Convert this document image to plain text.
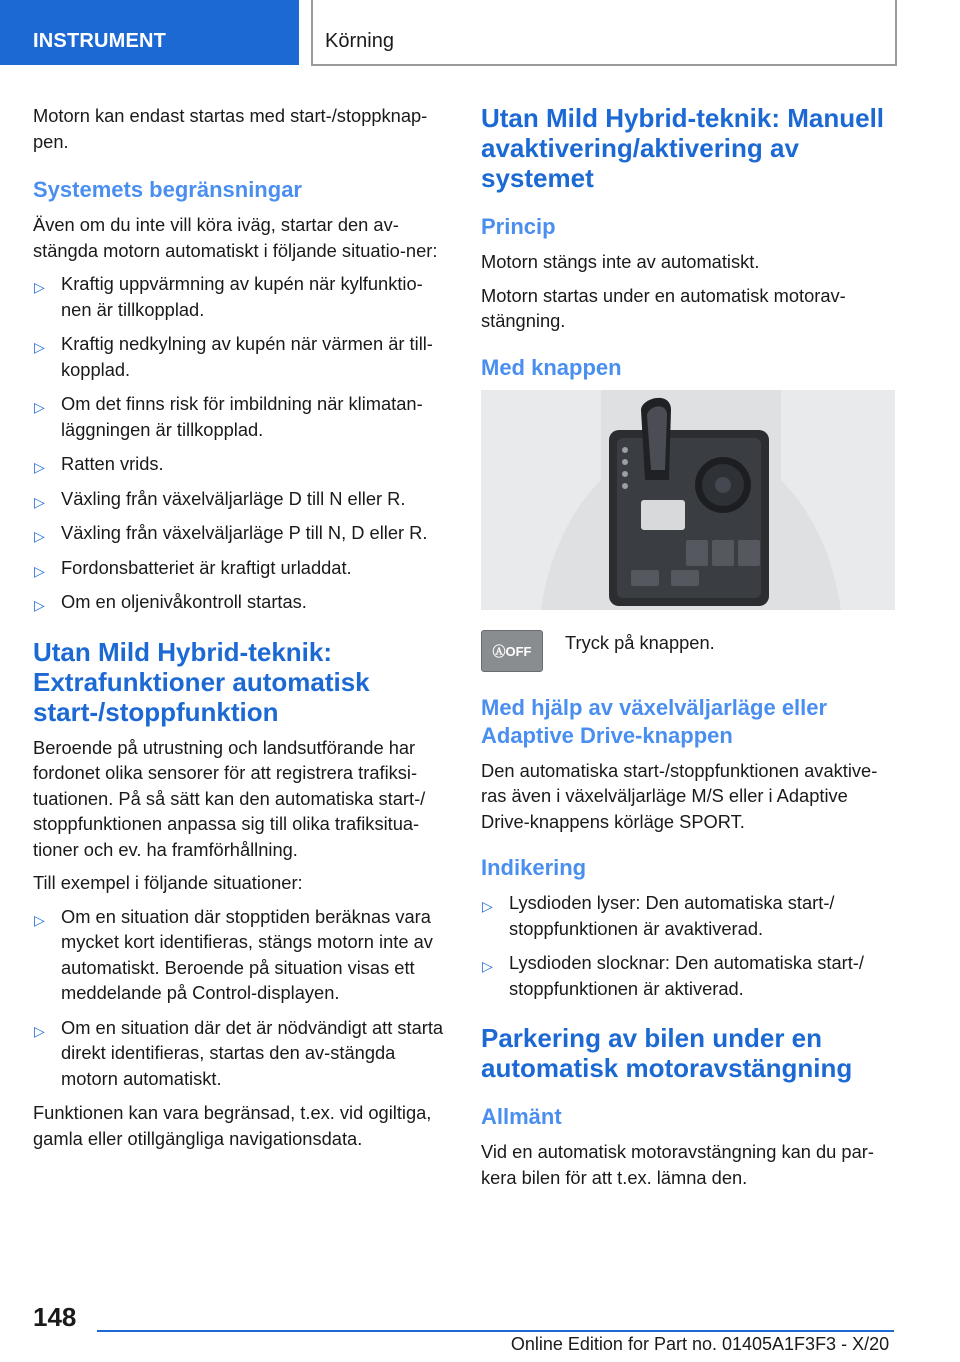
INSTRUMENT	Körning

Motorn kan endast startas med start-/stoppknap‐pen.

Systemets begränsningar

Även om du inte vill köra iväg, startar den av‐stängda motorn automatiskt i följande situatio‐ner:

▷ Kraftig uppvärmning av kupén när kylfunktio‐nen är tillkopplad.
▷ Kraftig nedkylning av kupén när värmen är till‐kopplad.
▷ Om det finns risk för imbildning när klimatan‐läggningen är tillkopplad.
▷ Ratten vrids.
▷ Växling från växelväljarläge D till N eller R.
▷ Växling från växelväljarläge P till N, D eller R.
▷ Fordonsbatteriet är kraftigt urladdat.
▷ Om en oljenivåkontroll startas.
Utan Mild Hybrid-teknik: Extrafunktioner automatisk start-/stoppfunktion

Beroende på utrustning och landsutförande har fordonet olika sensorer för att registrera trafiksi‐tuationen. På så sätt kan den automatiska start-/ stoppfunktionen anpassa sig till olika trafiksitua‐tioner och ev. ha framförhållning.

Till exempel i följande situationer:

▷ Om en situation där stopptiden beräknas vara mycket kort identifieras, stängs motorn inte av automatiskt. Beroende på situation visas ett meddelande på Control-displayen.
▷ Om en situation där det är nödvändigt att starta direkt identifieras, startas den av‐stängda motorn automatiskt.

Funktionen kan vara begränsad, t.ex. vid ogiltiga, gamla eller otillgängliga navigationsdata.

Utan Mild Hybrid-teknik: Manuell avaktivering/aktivering av systemet
Princip

Motorn stängs inte av automatiskt.

Motorn startas under en automatisk motorav‐stängning.

Med knappen
ⒶOFF	Tryck på knappen.

Med hjälp av växelväljarläge eller Adaptive Drive-knappen

Den automatiska start-/stoppfunktionen avaktive‐ras även i växelväljarläge M/S eller i Adaptive Drive-knappens körläge SPORT.

Indikering
▷ Lysdioden lyser: Den automatiska start-/ stoppfunktionen är avaktiverad.
▷ Lysdioden slocknar: Den automatiska start-/ stoppfunktionen är aktiverad.
Parkering av bilen under en automatisk motoravstängning
Allmänt

Vid en automatisk motoravstängning kan du par‐kera bilen för att t.ex. lämna den.

148
Online Edition for Part no. 01405A1F3F3 - X/20
